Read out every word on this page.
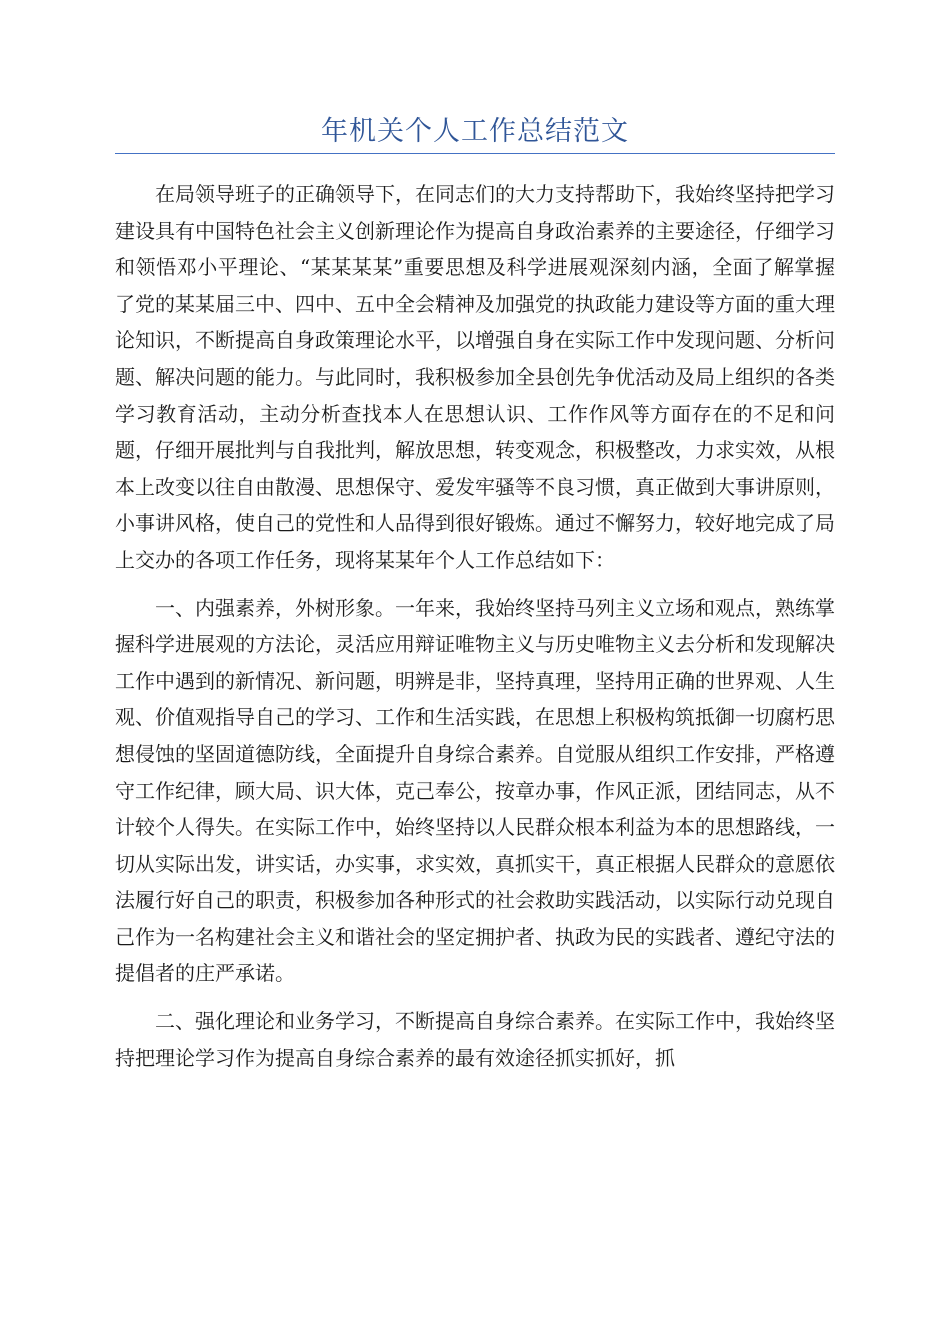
年机关个人工作总结范文

在局领导班子的正确领导下，在同志们的大力支持帮助下，我始终坚持把学习建设具有中国特色社会主义创新理论作为提高自身政治素养的主要途径，仔细学习和领悟邓小平理论、“某某某某”重要思想及科学进展观深刻内涵，全面了解掌握了党的某某届三中、四中、五中全会精神及加强党的执政能力建设等方面的重大理论知识，不断提高自身政策理论水平，以增强自身在实际工作中发现问题、分析问题、解决问题的能力。与此同时，我积极参加全县创先争优活动及局上组织的各类学习教育活动，主动分析查找本人在思想认识、工作作风等方面存在的不足和问题，仔细开展批判与自我批判，解放思想，转变观念，积极整改，力求实效，从根本上改变以往自由散漫、思想保守、爱发牢骚等不良习惯，真正做到大事讲原则，小事讲风格，使自己的党性和人品得到很好锻炼。通过不懈努力，较好地完成了局上交办的各项工作任务，现将某某年个人工作总结如下：

一、内强素养，外树形象。一年来，我始终坚持马列主义立场和观点，熟练掌握科学进展观的方法论，灵活应用辩证唯物主义与历史唯物主义去分析和发现解决工作中遇到的新情况、新问题，明辨是非，坚持真理，坚持用正确的世界观、人生观、价值观指导自己的学习、工作和生活实践，在思想上积极构筑抵御一切腐朽思想侵蚀的坚固道德防线，全面提升自身综合素养。自觉服从组织工作安排，严格遵守工作纪律，顾大局、识大体，克己奉公，按章办事，作风正派，团结同志，从不计较个人得失。在实际工作中，始终坚持以人民群众根本利益为本的思想路线，一切从实际出发，讲实话，办实事，求实效，真抓实干，真正根据人民群众的意愿依法履行好自己的职责，积极参加各种形式的社会救助实践活动，以实际行动兑现自己作为一名构建社会主义和谐社会的坚定拥护者、执政为民的实践者、遵纪守法的提倡者的庄严承诺。

二、强化理论和业务学习，不断提高自身综合素养。在实际工作中，我始终坚持把理论学习作为提高自身综合素养的最有效途径抓实抓好，抓
